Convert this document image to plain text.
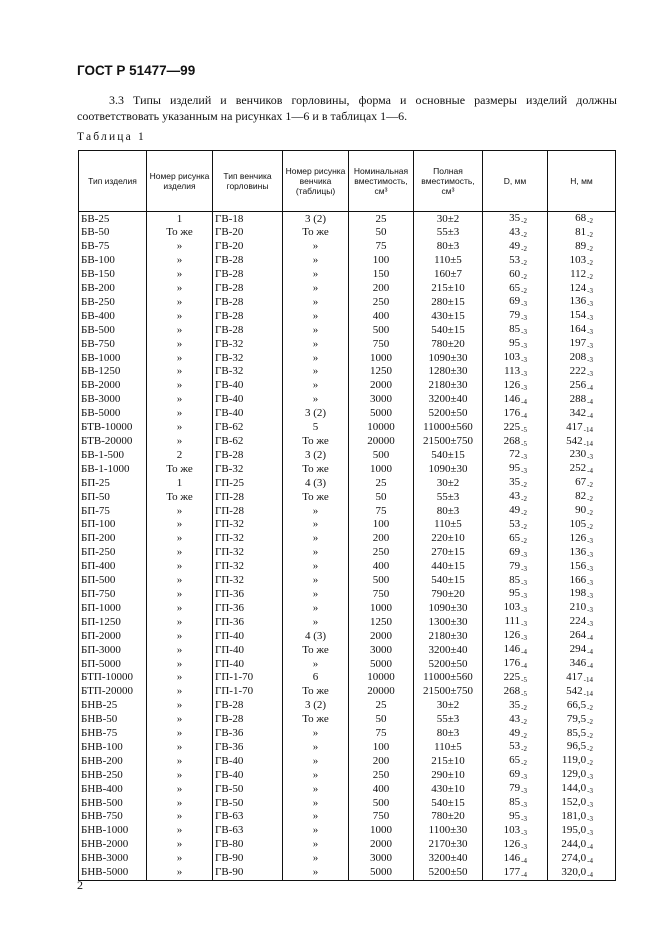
ГОСТ Р 51477—99
3.3 Типы изделий и венчиков горловины, форма и основные размеры изделий должны
соответствовать указанным на рисунках 1—6 и в таблицах 1—6.
Таблица 1
Тип изделия	Номер рисунка изделия	Тип венчика горловины	Номер рисунка венчика (таблицы)	Номинальная вместимость, см³	Полная вместимость, см³	D, мм	H, мм
БВ-25	1	ГВ-18	3 (2)	25	30±2	35-2	68-2
БВ-50	То же	ГВ-20	То же	50	55±3	43-2	81-2
БВ-75	»	ГВ-20	»	75	80±3	49-2	89-2
БВ-100	»	ГВ-28	»	100	110±5	53-2	103-2
БВ-150	»	ГВ-28	»	150	160±7	60-2	112-2
БВ-200	»	ГВ-28	»	200	215±10	65-2	124-3
БВ-250	»	ГВ-28	»	250	280±15	69-3	136-3
БВ-400	»	ГВ-28	»	400	430±15	79-3	154-3
БВ-500	»	ГВ-28	»	500	540±15	85-3	164-3
БВ-750	»	ГВ-32	»	750	780±20	95-3	197-3
БВ-1000	»	ГВ-32	»	1000	1090±30	103-3	208-3
БВ-1250	»	ГВ-32	»	1250	1280±30	113-3	222-3
БВ-2000	»	ГВ-40	»	2000	2180±30	126-3	256-4
БВ-3000	»	ГВ-40	»	3000	3200±40	146-4	288-4
БВ-5000	»	ГВ-40	3 (2)	5000	5200±50	176-4	342-4
БТВ-10000	»	ГВ-62	5	10000	11000±560	225-5	417-14
БТВ-20000	»	ГВ-62	То же	20000	21500±750	268-5	542-14
БВ-1-500	2	ГВ-28	3 (2)	500	540±15	72-3	230-3
БВ-1-1000	То же	ГВ-32	То же	1000	1090±30	95-3	252-4
БП-25	1	ГП-25	4 (3)	25	30±2	35-2	67-2
БП-50	То же	ГП-28	То же	50	55±3	43-2	82-2
БП-75	»	ГП-28	»	75	80±3	49-2	90-2
БП-100	»	ГП-32	»	100	110±5	53-2	105-2
БП-200	»	ГП-32	»	200	220±10	65-2	126-3
БП-250	»	ГП-32	»	250	270±15	69-3	136-3
БП-400	»	ГП-32	»	400	440±15	79-3	156-3
БП-500	»	ГП-32	»	500	540±15	85-3	166-3
БП-750	»	ГП-36	»	750	790±20	95-3	198-3
БП-1000	»	ГП-36	»	1000	1090±30	103-3	210-3
БП-1250	»	ГП-36	»	1250	1300±30	111-3	224-3
БП-2000	»	ГП-40	4 (3)	2000	2180±30	126-3	264-4
БП-3000	»	ГП-40	То же	3000	3200±40	146-4	294-4
БП-5000	»	ГП-40	»	5000	5200±50	176-4	346-4
БТП-10000	»	ГП-1-70	6	10000	11000±560	225-5	417-14
БТП-20000	»	ГП-1-70	То же	20000	21500±750	268-5	542-14
БНВ-25	»	ГВ-28	3 (2)	25	30±2	35-2	66,5-2
БНВ-50	»	ГВ-28	То же	50	55±3	43-2	79,5-2
БНВ-75	»	ГВ-36	»	75	80±3	49-2	85,5-2
БНВ-100	»	ГВ-36	»	100	110±5	53-2	96,5-2
БНВ-200	»	ГВ-40	»	200	215±10	65-2	119,0-2
БНВ-250	»	ГВ-40	»	250	290±10	69-3	129,0-3
БНВ-400	»	ГВ-50	»	400	430±10	79-3	144,0-3
БНВ-500	»	ГВ-50	»	500	540±15	85-3	152,0-3
БНВ-750	»	ГВ-63	»	750	780±20	95-3	181,0-3
БНВ-1000	»	ГВ-63	»	1000	1100±30	103-3	195,0-3
БНВ-2000	»	ГВ-80	»	2000	2170±30	126-3	244,0-4
БНВ-3000	»	ГВ-90	»	3000	3200±40	146-4	274,0-4
БНВ-5000	»	ГВ-90	»	5000	5200±50	177-4	320,0-4
2
